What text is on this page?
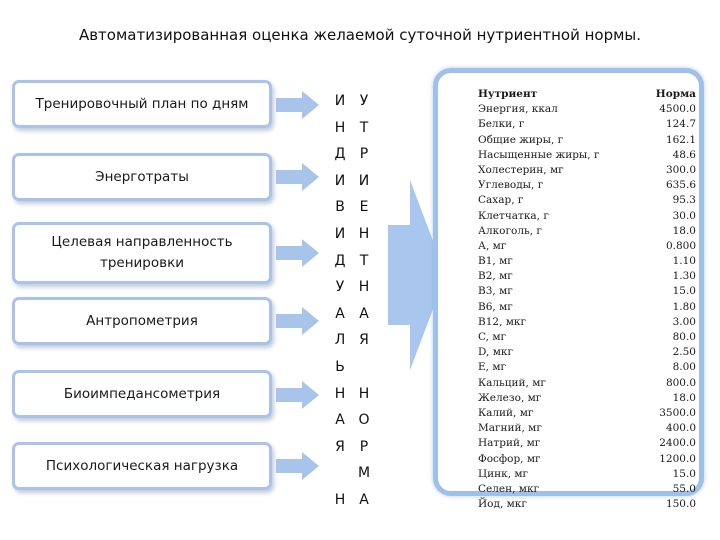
Автоматизированная оценка желаемой суточной нутриентной нормы.
Тренировочный план по дням
Энерготраты
Целевая направленность тренировки
Антропометрия
Биоимпедансометрия
Психологическая нагрузка
И
Н
Д
И
В
И
Д
У
А
Л
Ь
Н
А
Я
Н
У
Т
Р
И
Е
Н
Т
Н
А
Я
Н
О
Р
М
А
Нутриент	Норма
Энергия, ккал	4500.0
Белки, г	124.7
Общие жиры, г	162.1
Насыщенные жиры, г	48.6
Холестерин, мг	300.0
Углеводы, г	635.6
Сахар, г	95.3
Клетчатка, г	30.0
Алкоголь, г	18.0
А, мг	0.800
B1, мг	1.10
B2, мг	1.30
B3, мг	15.0
B6, мг	1.80
B12, мкг	3.00
C, мг	80.0
D, мкг	2.50
E, мг	8.00
Кальций, мг	800.0
Железо, мг	18.0
Калий, мг	3500.0
Магний, мг	400.0
Натрий, мг	2400.0
Фосфор, мг	1200.0
Цинк, мг	15.0
Селен, мкг	55.0
Йод, мкг	150.0
